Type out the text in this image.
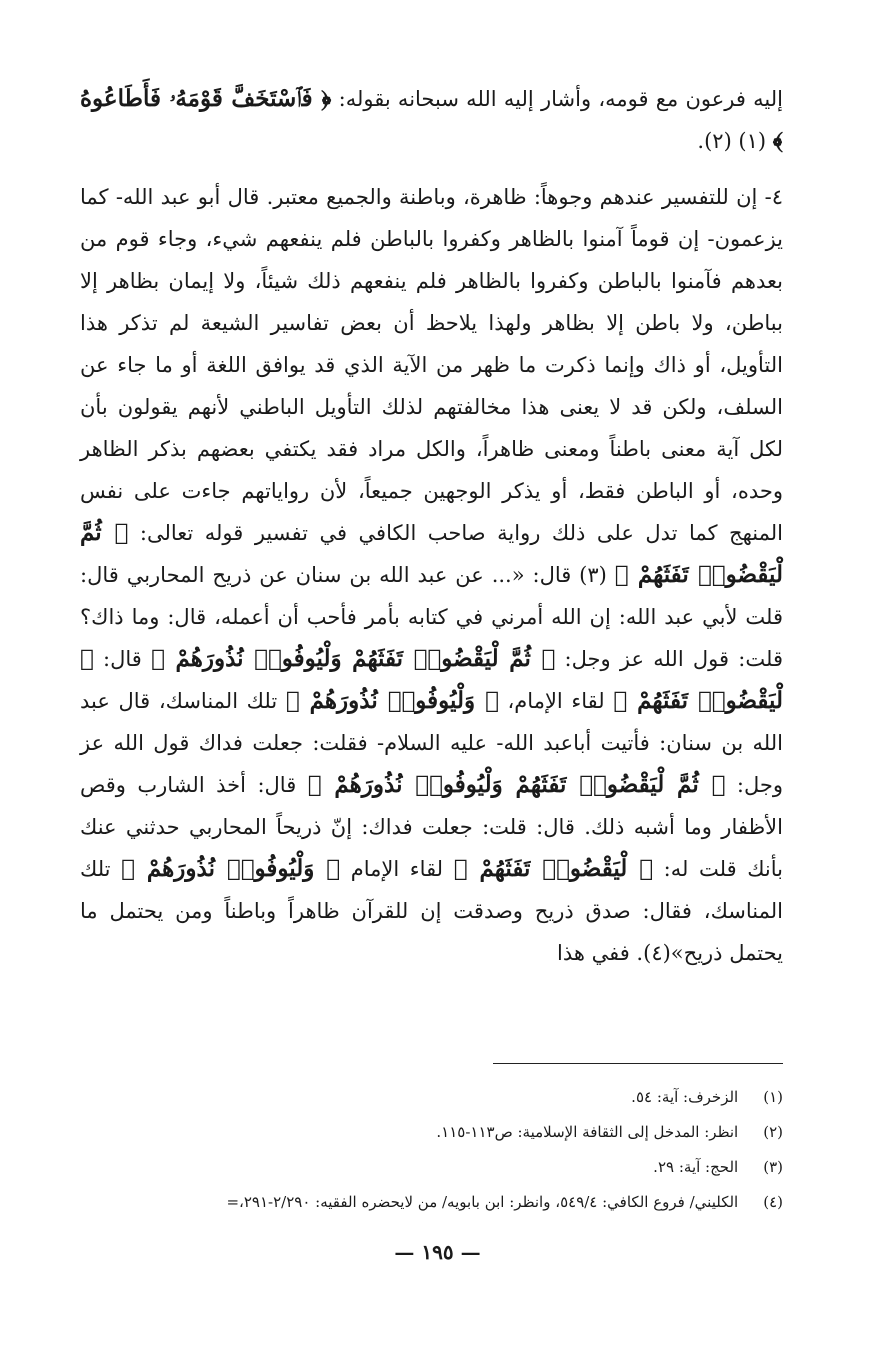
إليه فرعون مع قومه، وأشار إليه الله سبحانه بقوله: ﴿ فَٱسْتَخَفَّ قَوْمَهُۥ فَأَطَاعُوهُ ﴾ (١) (٢).

٤- إن للتفسير عندهم وجوهاً: ظاهرة، وباطنة والجميع معتبر. قال أبو عبد الله- كما يزعمون- إن قوماً آمنوا بالظاهر وكفروا بالباطن فلم ينفعهم شيء، وجاء قوم من بعدهم فآمنوا بالباطن وكفروا بالظاهر فلم ينفعهم ذلك شيئاً، ولا إيمان بظاهر إلا بباطن، ولا باطن إلا بظاهر ولهذا يلاحظ أن بعض تفاسير الشيعة لم تذكر هذا التأويل، أو ذاك وإنما ذكرت ما ظهر من الآية الذي قد يوافق اللغة أو ما جاء عن السلف، ولكن قد لا يعنى هذا مخالفتهم لذلك التأويل الباطني لأنهم يقولون بأن لكل آية معنى باطناً ومعنى ظاهراً، والكل مراد فقد يكتفي بعضهم بذكر الظاهر وحده، أو الباطن فقط، أو يذكر الوجهين جميعاً، لأن رواياتهم جاءت على نفس المنهج كما تدل على ذلك رواية صاحب الكافي في تفسير قوله تعالى: ﴿ ثُمَّ لْيَقْضُوا۟ تَفَثَهُمْ ﴾ (٣) قال: «... عن عبد الله بن سنان عن ذريح المحاربي قال: قلت لأبي عبد الله: إن الله أمرني في كتابه بأمر فأحب أن أعمله، قال: وما ذاك؟ قلت: قول الله عز وجل: ﴿ ثُمَّ لْيَقْضُوا۟ تَفَثَهُمْ وَلْيُوفُوا۟ نُذُورَهُمْ ﴾ قال: ﴿ لْيَقْضُوا۟ تَفَثَهُمْ ﴾ لقاء الإمام، ﴿ وَلْيُوفُوا۟ نُذُورَهُمْ ﴾ تلك المناسك، قال عبد الله بن سنان: فأتيت أباعبد الله- عليه السلام- فقلت: جعلت فداك قول الله عز وجل: ﴿ ثُمَّ لْيَقْضُوا۟ تَفَثَهُمْ وَلْيُوفُوا۟ نُذُورَهُمْ ﴾ قال: أخذ الشارب وقص الأظفار وما أشبه ذلك. قال: قلت: جعلت فداك: إنّ ذريحاً المحاربي حدثني عنك بأنك قلت له: ﴿ لْيَقْضُوا۟ تَفَثَهُمْ ﴾ لقاء الإمام ﴿ وَلْيُوفُوا۟ نُذُورَهُمْ ﴾ تلك المناسك، فقال: صدق ذريح وصدقت إن للقرآن ظاهراً وباطناً ومن يحتمل ما يحتمل ذريح»(٤). ففي هذا

(١) الزخرف: آية: ٥٤.
(٢) انظر: المدخل إلى الثقافة الإسلامية: ص١١٣-١١٥.
(٣) الحج: آية: ٢٩.
(٤) الكليني/ فروع الكافي: ٥٤٩/٤، وانظر: ابن بابويه/ من لايحضره الفقيه: ٢/٢٩٠-٢٩١،=
— ١٩٥ —
